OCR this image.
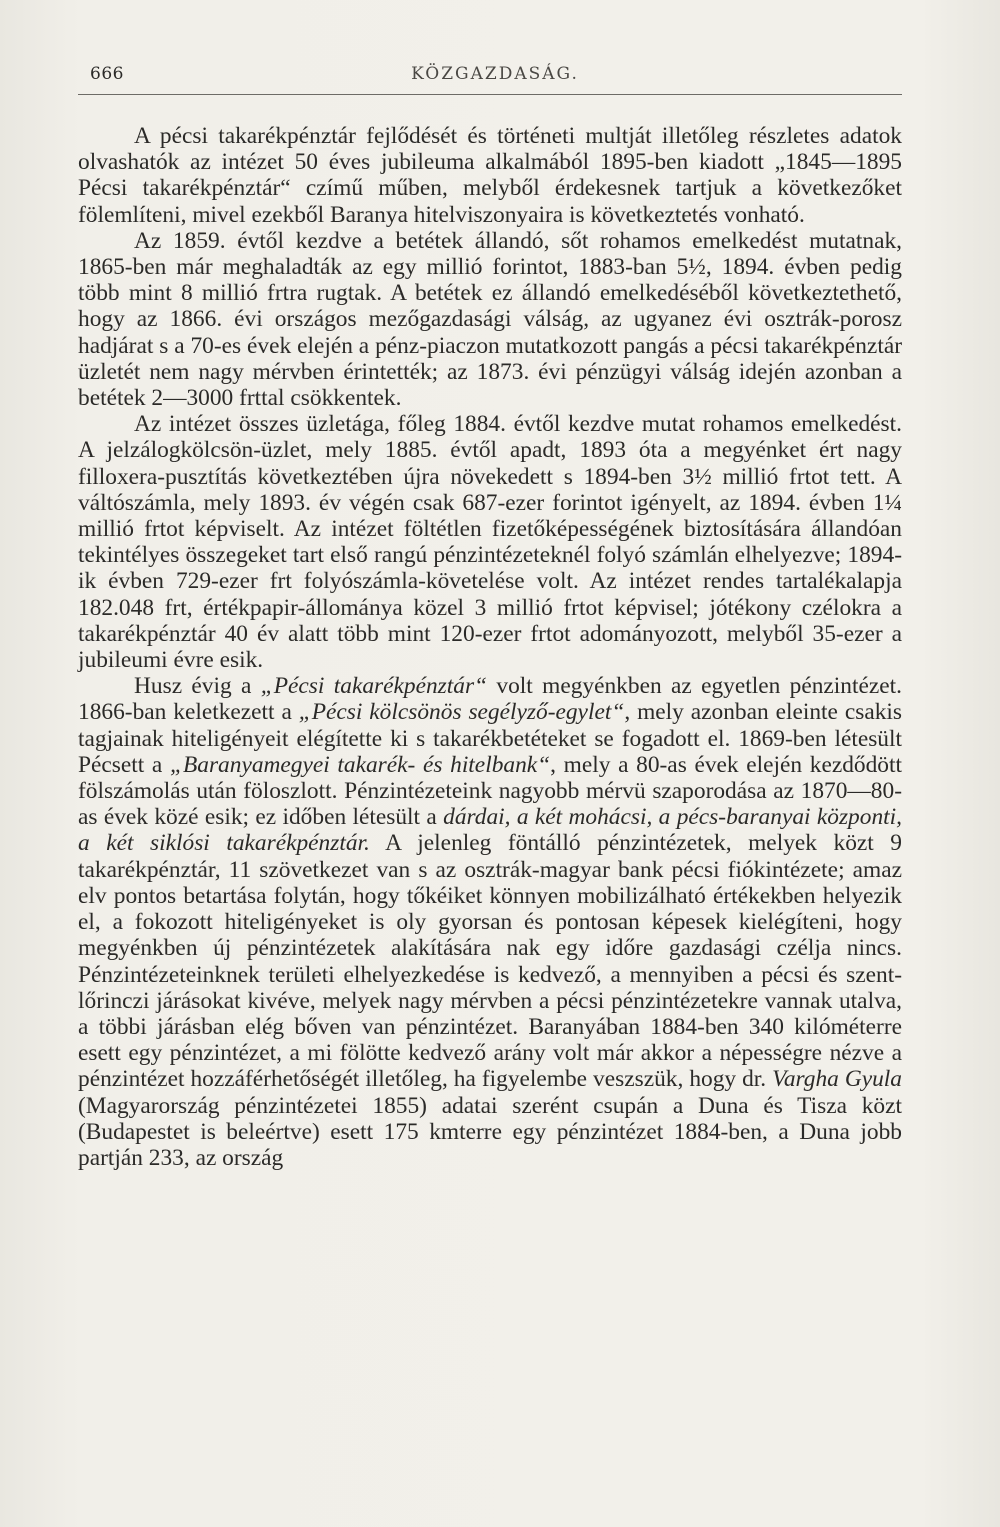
666	KÖZGAZDASÁG.

A pécsi takarékpénztár fejlődését és történeti multját illetőleg részletes adatok olvashatók az intézet 50 éves jubileuma alkalmából 1895-ben kiadott „1845—1895 Pécsi takarékpénztár“ czímű műben, melyből érdekesnek tartjuk a következőket fölemlíteni, mivel ezekből Baranya hitelviszonyaira is következtetés vonható.

Az 1859. évtől kezdve a betétek állandó, sőt rohamos emelkedést mutatnak, 1865-ben már meghaladták az egy millió forintot, 1883-ban 5½, 1894. évben pedig több mint 8 millió frtra rugtak. A betétek ez állandó emelkedéséből következtethető, hogy az 1866. évi országos mezőgazdasági válság, az ugyanez évi osztrák-porosz hadjárat s a 70-es évek elején a pénz-piaczon mutatkozott pangás a pécsi takarékpénztár üzletét nem nagy mérvben érintették; az 1873. évi pénzügyi válság idején azonban a betétek 2—3000 frttal csökkentek.

Az intézet összes üzletága, főleg 1884. évtől kezdve mutat rohamos emelkedést. A jelzálogkölcsön-üzlet, mely 1885. évtől apadt, 1893 óta a megyénket ért nagy filloxera-pusztítás következtében újra növekedett s 1894-ben 3½ millió frtot tett. A váltószámla, mely 1893. év végén csak 687-ezer forintot igényelt, az 1894. évben 1¼ millió frtot képviselt. Az intézet föltétlen fizetőképességének biztosítására állandóan tekintélyes összegeket tart első rangú pénzintézeteknél folyó számlán elhelyezve; 1894-ik évben 729-ezer frt folyószámla-követelése volt. Az intézet rendes tartalékalapja 182.048 frt, értékpapir-állománya közel 3 millió frtot képvisel; jótékony czélokra a takarékpénztár 40 év alatt több mint 120-ezer frtot adományozott, melyből 35-ezer a jubileumi évre esik.

Husz évig a „Pécsi takarékpénztár“ volt megyénkben az egyetlen pénzintézet. 1866-ban keletkezett a „Pécsi kölcsönös segélyző-egylet“, mely azonban eleinte csakis tagjainak hiteligényeit elégítette ki s takarékbetéteket se fogadott el. 1869-ben létesült Pécsett a „Baranyamegyei takarék- és hitelbank“, mely a 80-as évek elején kezdődött fölszámolás után föloszlott. Pénzintézeteink nagyobb mérvü szaporodása az 1870—80-as évek közé esik; ez időben létesült a dárdai, a két mohácsi, a pécs-baranyai központi, a két siklósi takarékpénztár. A jelenleg föntálló pénzintézetek, melyek közt 9 takarékpénztár, 11 szövetkezet van s az osztrák-magyar bank pécsi fiókintézete; amaz elv pontos betartása folytán, hogy tőkéiket könnyen mobilizálható értékekben helyezik el, a fokozott hiteligényeket is oly gyorsan és pontosan képesek kielégíteni, hogy megyénkben új pénzintézetek alakítására nak egy időre gazdasági czélja nincs. Pénzintézeteinknek területi elhelyezkedése is kedvező, a mennyiben a pécsi és szent-lőrinczi járásokat kivéve, melyek nagy mérvben a pécsi pénzintézetekre vannak utalva, a többi járásban elég bőven van pénzintézet. Baranyában 1884-ben 340 kilóméterre esett egy pénzintézet, a mi fölötte kedvező arány volt már akkor a népességre nézve a pénzintézet hozzáférhetőségét illetőleg, ha figyelembe veszszük, hogy dr. Vargha Gyula (Magyarország pénzintézetei 1855) adatai szerént csupán a Duna és Tisza közt (Budapestet is beleértve) esett 175 kmterre egy pénzintézet 1884-ben, a Duna jobb partján 233, az ország
